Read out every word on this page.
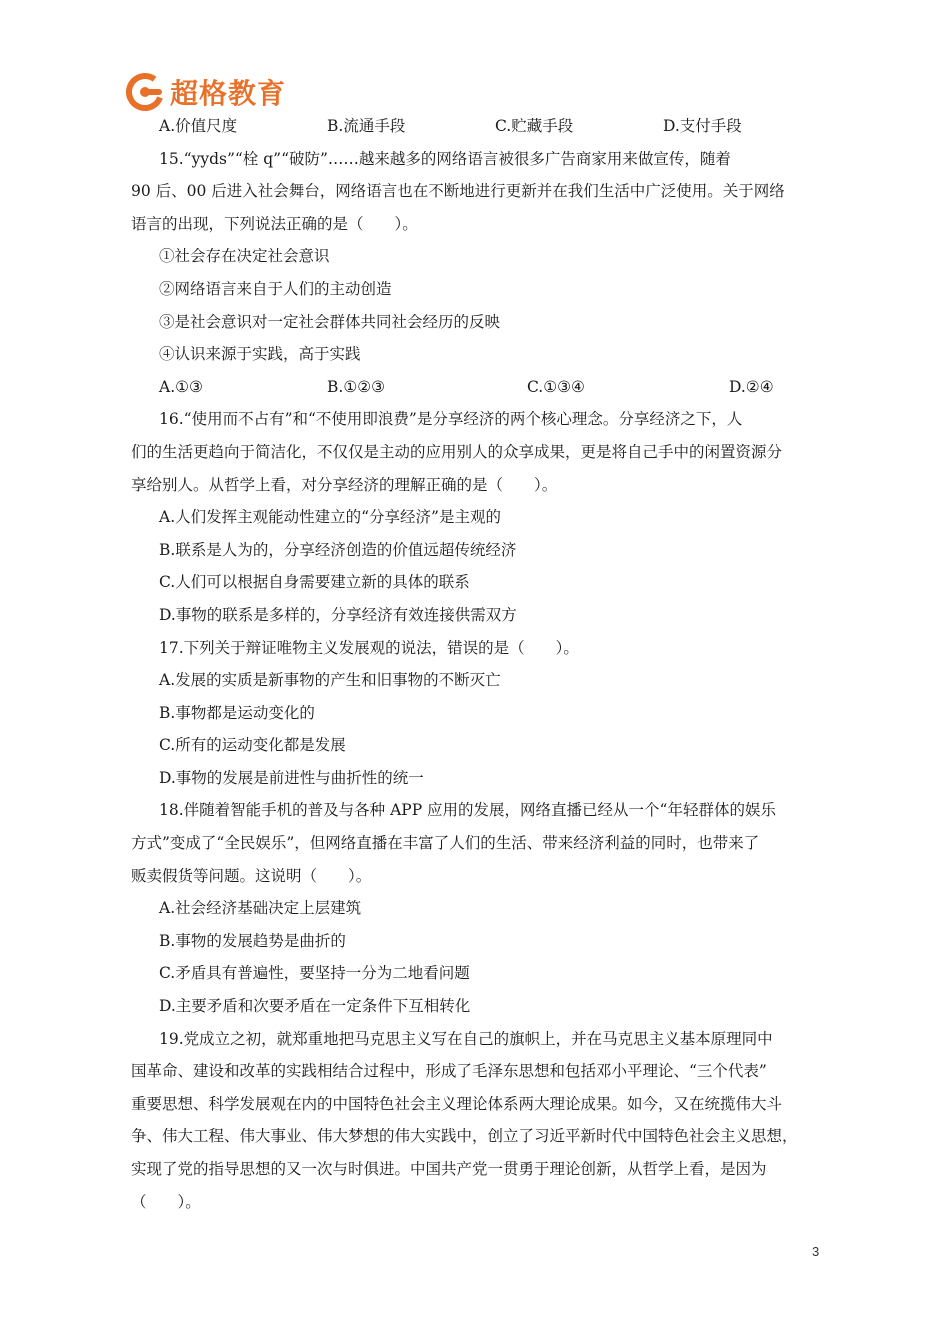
超格教育
A.价值尺度	B.流通手段	C.贮藏手段	D.支付手段
15.“yyds”“栓 q”“破防”……越来越多的网络语言被很多广告商家用来做宣传，随着
90 后、00 后进入社会舞台，网络语言也在不断地进行更新并在我们生活中广泛使用。关于网络
语言的出现，下列说法正确的是（　　）。
①社会存在决定社会意识
②网络语言来自于人们的主动创造
③是社会意识对一定社会群体共同社会经历的反映
④认识来源于实践，高于实践
A.①③	B.①②③	C.①③④	D.②④
16.“使用而不占有”和“不使用即浪费”是分享经济的两个核心理念。分享经济之下，人
们的生活更趋向于简洁化，不仅仅是主动的应用别人的众享成果，更是将自己手中的闲置资源分
享给别人。从哲学上看，对分享经济的理解正确的是（　　）。
A.人们发挥主观能动性建立的“分享经济”是主观的
B.联系是人为的，分享经济创造的价值远超传统经济
C.人们可以根据自身需要建立新的具体的联系
D.事物的联系是多样的，分享经济有效连接供需双方
17.下列关于辩证唯物主义发展观的说法，错误的是（　　）。
A.发展的实质是新事物的产生和旧事物的不断灭亡
B.事物都是运动变化的
C.所有的运动变化都是发展
D.事物的发展是前进性与曲折性的统一
18.伴随着智能手机的普及与各种 APP 应用的发展，网络直播已经从一个“年轻群体的娱乐
方式”变成了“全民娱乐”，但网络直播在丰富了人们的生活、带来经济利益的同时，也带来了
贩卖假货等问题。这说明（　　）。
A.社会经济基础决定上层建筑
B.事物的发展趋势是曲折的
C.矛盾具有普遍性，要坚持一分为二地看问题
D.主要矛盾和次要矛盾在一定条件下互相转化
19.党成立之初，就郑重地把马克思主义写在自己的旗帜上，并在马克思主义基本原理同中
国革命、建设和改革的实践相结合过程中，形成了毛泽东思想和包括邓小平理论、“三个代表”
重要思想、科学发展观在内的中国特色社会主义理论体系两大理论成果。如今，又在统揽伟大斗
争、伟大工程、伟大事业、伟大梦想的伟大实践中，创立了习近平新时代中国特色社会主义思想，
实现了党的指导思想的又一次与时俱进。中国共产党一贯勇于理论创新，从哲学上看，是因为
（　　）。
3
